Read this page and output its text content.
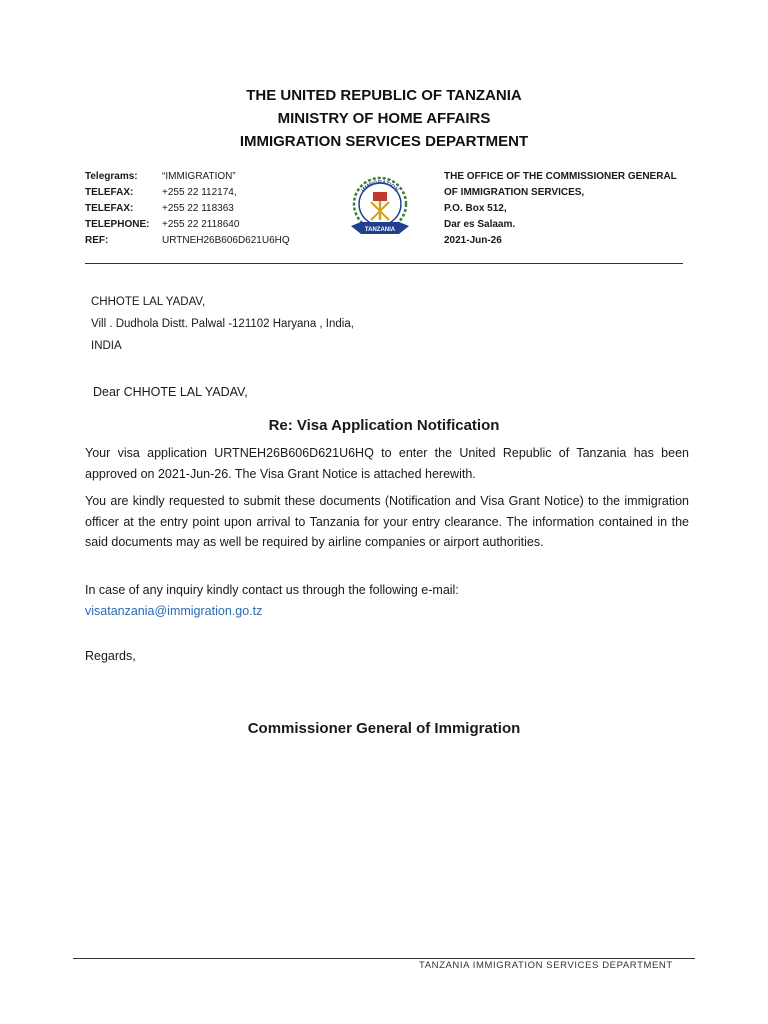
THE UNITED REPUBLIC OF TANZANIA
MINISTRY OF HOME AFFAIRS
IMMIGRATION SERVICES DEPARTMENT
Telegrams:	“IMMIGRATION”
TELEFAX:	+255 22 112174,
TELEFAX:	+255 22 118363
TELEPHONE:	+255 22 2118640
REF:	URTNEH26B606D621U6HQ
IMMIGRATION
TANZANIA
THE OFFICE OF THE COMMISSIONER GENERAL
OF IMMIGRATION SERVICES,
P.O. Box 512,
Dar es Salaam.
2021-Jun-26
CHHOTE LAL YADAV,
Vill . Dudhola Distt. Palwal -121102 Haryana , India,
INDIA
Dear CHHOTE LAL YADAV,
Re: Visa Application Notification
Your visa application URTNEH26B606D621U6HQ to enter the United Republic of Tanzania has been approved on 2021-Jun-26. The Visa Grant Notice is attached herewith.
You are kindly requested to submit these documents (Notification and Visa Grant Notice) to the immigration officer at the entry point upon arrival to Tanzania for your entry clearance. The information contained in the said documents may as well be required by airline companies or airport authorities.
In case of any inquiry kindly contact us through the following e-mail:
visatanzania@immigration.go.tz
Regards,
Commissioner General of Immigration
TANZANIA IMMIGRATION SERVICES DEPARTMENT
